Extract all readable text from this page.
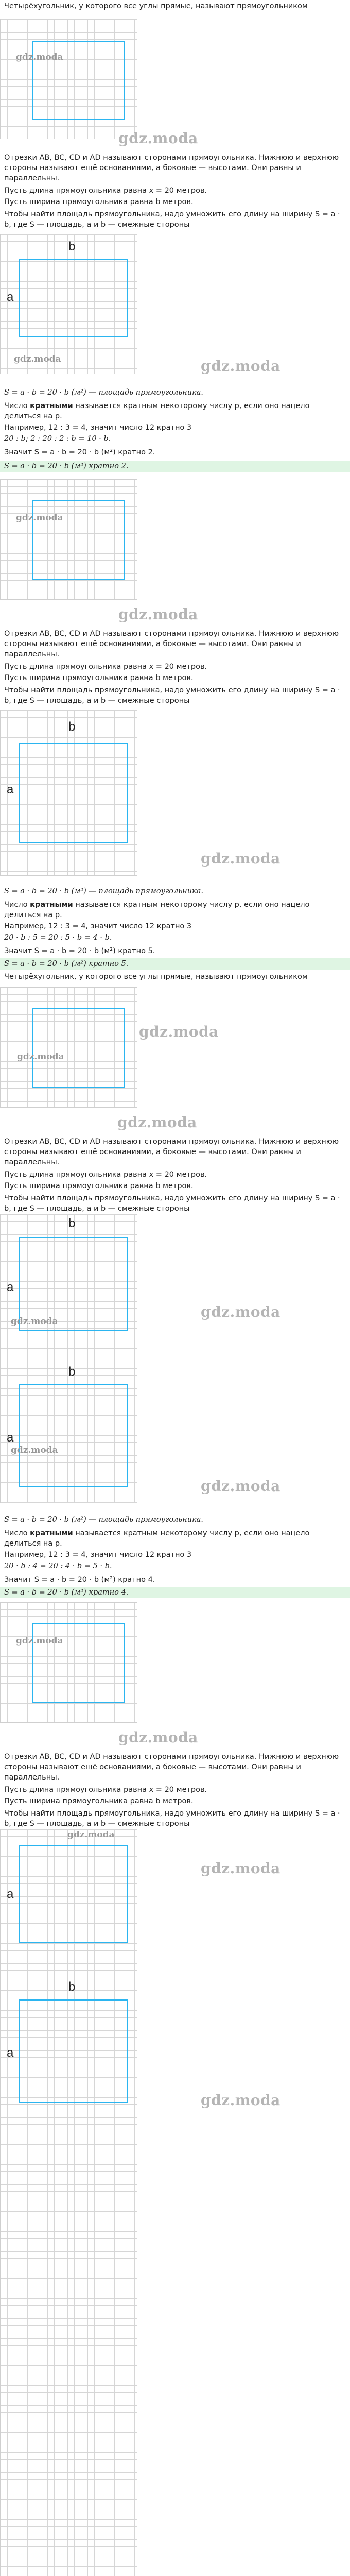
Четырёхугольник, у которого все углы прямые, называют прямоугольником

gdz.moda
gdz.moda

Отрезки AB, BC, CD и AD называют сторонами прямоугольника. Нижнюю и верхнюю стороны называют ещё основаниями, а боковые — высотами. Они равны и параллельны.

Пусть длина прямоугольника равна x = 20 метров.

Пусть ширина прямоугольника равна b метров.

Чтобы найти площадь прямоугольника, надо умножить его длину на ширину S = a · b, где S — площадь, a и b — смежные стороны

b
a
gdz.moda	gdz.moda

S = a · b = 20 · b (м²) — площадь прямоугольника.

Число кратными называется кратным некоторому числу p, если оно нацело делиться на p.

Например, 12 : 3 = 4, значит число 12 кратно 3

20 : b; 2 : 20 : 2 : b = 10 · b.

Значит S = a · b = 20 · b (м²) кратно 2.

S = a · b = 20 · b (м²) кратно 2.

gdz.moda
gdz.moda

Отрезки AB, BC, CD и AD называют сторонами прямоугольника. Нижнюю и верхнюю стороны называют ещё основаниями, а боковые — высотами. Они равны и параллельны.

Пусть длина прямоугольника равна x = 20 метров.

Пусть ширина прямоугольника равна b метров.

Чтобы найти площадь прямоугольника, надо умножить его длину на ширину S = a · b, где S — площадь, a и b — смежные стороны

b
a
gdz.moda

S = a · b = 20 · b (м²) — площадь прямоугольника.

Число кратными называется кратным некоторому числу p, если оно нацело делиться на p.

Например, 12 : 3 = 4, значит число 12 кратно 3

20 · b : 5 = 20 : 5 · b = 4 · b.

Значит S = a · b = 20 · b (м²) кратно 5.

S = a · b = 20 · b (м²) кратно 5.

Четырёхугольник, у которого все углы прямые, называют прямоугольником

gdz.moda
gdz.moda
gdz.moda

Отрезки AB, BC, CD и AD называют сторонами прямоугольника. Нижнюю и верхнюю стороны называют ещё основаниями, а боковые — высотами. Они равны и параллельны.

Пусть длина прямоугольника равна x = 20 метров.

Пусть ширина прямоугольника равна b метров.

Чтобы найти площадь прямоугольника, надо умножить его длину на ширину S = a · b, где S — площадь, a и b — смежные стороны

b
a
gdz.moda
b
a
gdz.moda
gdz.moda
gdz.moda

S = a · b = 20 · b (м²) — площадь прямоугольника.

Число кратными называется кратным некоторому числу p, если оно нацело делиться на p.

Например, 12 : 3 = 4, значит число 12 кратно 3

20 · b : 4 = 20 : 4 · b = 5 · b.

Значит S = a · b = 20 · b (м²) кратно 4.

S = a · b = 20 · b (м²) кратно 4.

gdz.moda
gdz.moda

Отрезки AB, BC, CD и AD называют сторонами прямоугольника. Нижнюю и верхнюю стороны называют ещё основаниями, а боковые — высотами. Они равны и параллельны.

Пусть длина прямоугольника равна x = 20 метров.

Пусть ширина прямоугольника равна b метров.

Чтобы найти площадь прямоугольника, надо умножить его длину на ширину S = a · b, где S — площадь, a и b — смежные стороны

gdz.moda
a
b
a
gdz.moda
gdz.moda
